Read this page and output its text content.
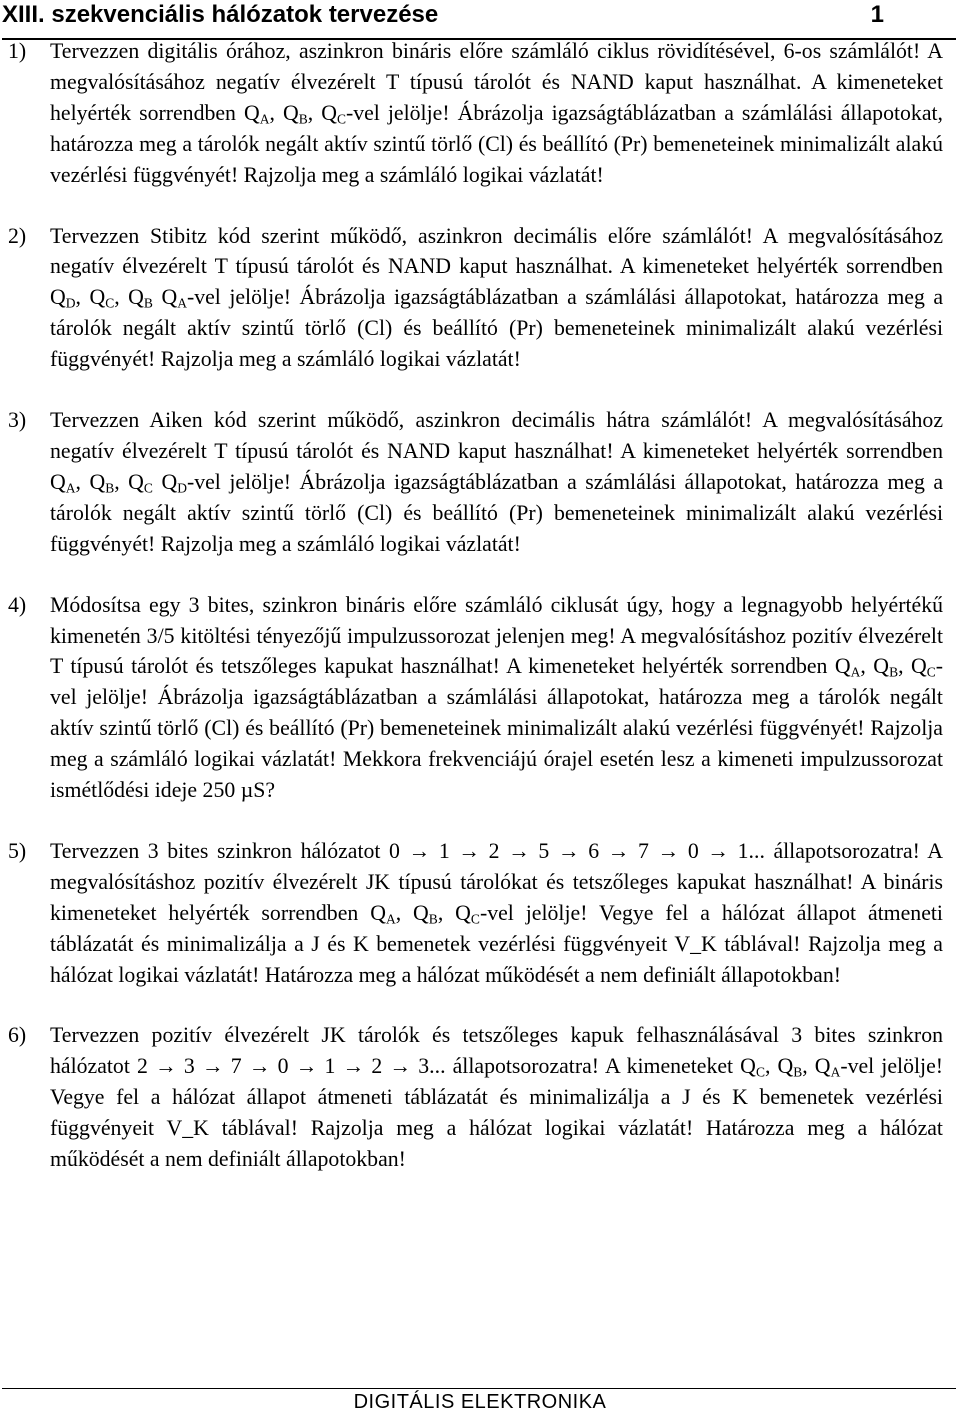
XIII. szekvenciális hálózatok tervezése	1
1) Tervezzen digitális órához, aszinkron bináris előre számláló ciklus rövidítésével, 6-os számlálót! A megvalósításához negatív élvezérelt T típusú tárolót és NAND kaput használhat. A kimeneteket helyérték sorrendben $Q_A$, $Q_B$, $Q_C$-vel jelölje! Ábrázolja igazságtáblázatban a számlálási állapotokat, határozza meg a tárolók negált aktív szintű törlő (Cl) és beállító (Pr) bemeneteinek minimalizált alakú vezérlési függvényét! Rajzolja meg a számláló logikai vázlatát!
2) Tervezzen Stibitz kód szerint működő, aszinkron decimális előre számlálót! A megvalósításához negatív élvezérelt T típusú tárolót és NAND kaput használhat. A kimeneteket helyérték sorrendben $Q_D$, $Q_C$, $Q_B$ $Q_A$-vel jelölje! Ábrázolja igazságtáblázatban a számlálási állapotokat, határozza meg a tárolók negált aktív szintű törlő (Cl) és beállító (Pr) bemeneteinek minimalizált alakú vezérlési függvényét! Rajzolja meg a számláló logikai vázlatát!
3) Tervezzen Aiken kód szerint működő, aszinkron decimális hátra számlálót! A megvalósításához negatív élvezérelt T típusú tárolót és NAND kaput használhat! A kimeneteket helyérték sorrendben $Q_A$, $Q_B$, $Q_C$ $Q_D$-vel jelölje! Ábrázolja igazságtáblázatban a számlálási állapotokat, határozza meg a tárolók negált aktív szintű törlő (Cl) és beállító (Pr) bemeneteinek minimalizált alakú vezérlési függvényét! Rajzolja meg a számláló logikai vázlatát!
4) Módosítsa egy 3 bites, szinkron bináris előre számláló ciklusát úgy, hogy a legnagyobb helyértékű kimenetén 3/5 kitöltési tényezőjű impulzussorozat jelenjen meg! A megvalósításhoz pozitív élvezérelt T típusú tárolót és tetszőleges kapukat használhat! A kimeneteket helyérték sorrendben $Q_A$, $Q_B$, $Q_C$-vel jelölje! Ábrázolja igazságtáblázatban a számlálási állapotokat, határozza meg a tárolók negált aktív szintű törlő (Cl) és beállító (Pr) bemeneteinek minimalizált alakú vezérlési függvényét! Rajzolja meg a számláló logikai vázlatát! Mekkora frekvenciájú órajel esetén lesz a kimeneti impulzussorozat ismétlődési ideje 250 µS?
5) Tervezzen 3 bites szinkron hálózatot 0 → 1 → 2 → 5 → 6 → 7 → 0 → 1... állapotsorozatra! A megvalósításhoz pozitív élvezérelt JK típusú tárolókat és tetszőleges kapukat használhat! A bináris kimeneteket helyérték sorrendben $Q_A$, $Q_B$, $Q_C$-vel jelölje! Vegye fel a hálózat állapot átmeneti táblázatát és minimalizálja a J és K bemenetek vezérlési függvényeit V_K táblával! Rajzolja meg a hálózat logikai vázlatát! Határozza meg a hálózat működését a nem definiált állapotokban!
6) Tervezzen pozitív élvezérelt JK tárolók és tetszőleges kapuk felhasználásával 3 bites szinkron hálózatot 2 → 3 → 7 → 0 → 1 → 2 → 3... állapotsorozatra! A kimeneteket $Q_C$, $Q_B$, $Q_A$-vel jelölje! Vegye fel a hálózat állapot átmeneti táblázatát és minimalizálja a J és K bemenetek vezérlési függvényeit V_K táblával! Rajzolja meg a hálózat logikai vázlatát! Határozza meg a hálózat működését a nem definiált állapotokban!
DIGITÁLIS ELEKTRONIKA
